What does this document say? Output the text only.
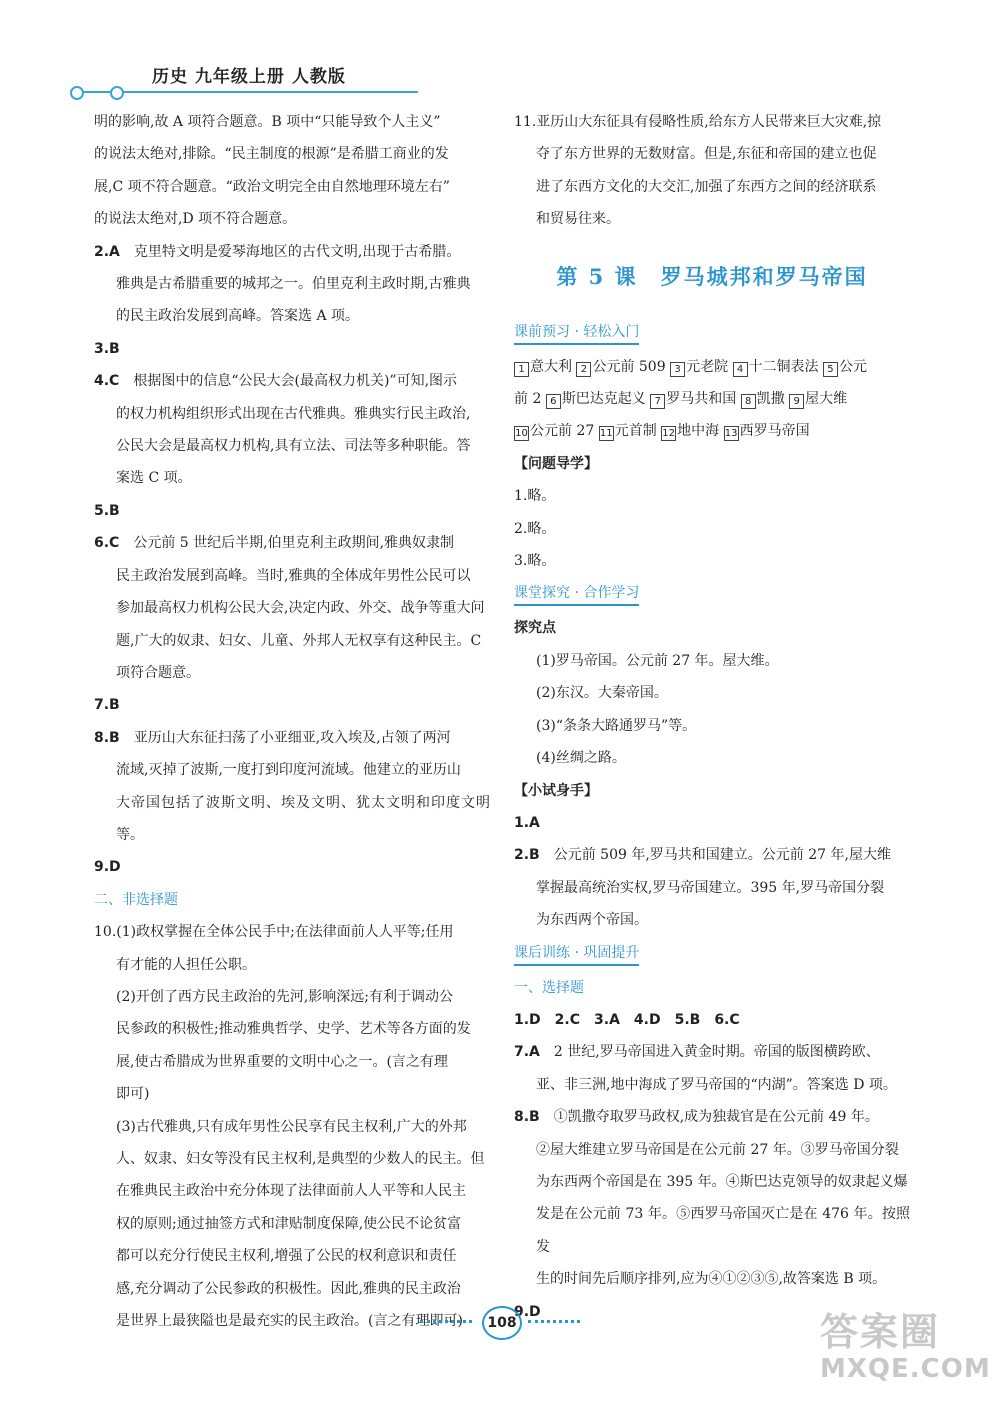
历史 九年级上册 人教版

明的影响,故 A 项符合题意。B 项中“只能导致个人主义”

的说法太绝对,排除。“民主制度的根源”是希腊工商业的发

展,C 项不符合题意。“政治文明完全由自然地理环境左右”

的说法太绝对,D 项不符合题意。

2.A　 克里特文明是爱琴海地区的古代文明,出现于古希腊。

雅典是古希腊重要的城邦之一。伯里克利主政时期,古雅典

的民主政治发展到高峰。答案选 A 项。

3.B

4.C　 根据图中的信息“公民大会(最高权力机关)”可知,图示

的权力机构组织形式出现在古代雅典。雅典实行民主政治,

公民大会是最高权力机构,具有立法、司法等多种职能。答

案选 C 项。

5.B

6.C　 公元前 5 世纪后半期,伯里克利主政期间,雅典奴隶制

民主政治发展到高峰。当时,雅典的全体成年男性公民可以

参加最高权力机构公民大会,决定内政、外交、战争等重大问

题,广大的奴隶、妇女、儿童、外邦人无权享有这种民主。C

项符合题意。

7.B

8.B　 亚历山大东征扫荡了小亚细亚,攻入埃及,占领了两河

流域,灭掉了波斯,一度打到印度河流域。他建立的亚历山

大帝国包括了波斯文明、埃及文明、犹太文明和印度文明等。

9.D

二、非选择题

10.(1)政权掌握在全体公民手中;在法律面前人人平等;任用

有才能的人担任公职。

(2)开创了西方民主政治的先河,影响深远;有利于调动公

民参政的积极性;推动雅典哲学、史学、艺术等各方面的发

展,使古希腊成为世界重要的文明中心之一。(言之有理

即可)

(3)古代雅典,只有成年男性公民享有民主权利,广大的外邦

人、奴隶、妇女等没有民主权利,是典型的少数人的民主。但

在雅典民主政治中充分体现了法律面前人人平等和人民主

权的原则;通过抽签方式和津贴制度保障,使公民不论贫富

都可以充分行使民主权利,增强了公民的权利意识和责任

感,充分调动了公民参政的积极性。因此,雅典的民主政治

是世界上最狭隘也是最充实的民主政治。(言之有理即可)

11.亚历山大东征具有侵略性质,给东方人民带来巨大灾难,掠

夺了东方世界的无数财富。但是,东征和帝国的建立也促

进了东西方文化的大交汇,加强了东西方之间的经济联系

和贸易往来。

第 5 课　罗马城邦和罗马帝国
课前预习 · 轻松入门

1 意大利 2 公元前 509 3 元老院 4 十二铜表法 5 公元

前 2 6 斯巴达克起义 7 罗马共和国 8 凯撒 9 屋大维

10 公元前 27 11 元首制 12 地中海 13 西罗马帝国

【问题导学】

1.略。

2.略。

3.略。

课堂探究 · 合作学习

探究点

(1)罗马帝国。公元前 27 年。屋大维。

(2)东汉。大秦帝国。

(3)“条条大路通罗马”等。

(4)丝绸之路。

【小试身手】

1.A

2.B　 公元前 509 年,罗马共和国建立。公元前 27 年,屋大维

掌握最高统治实权,罗马帝国建立。395 年,罗马帝国分裂

为东西两个帝国。

课后训练 · 巩固提升

一、选择题

1.D　2.C　3.A　4.D　5.B　6.C

7.A　 2 世纪,罗马帝国进入黄金时期。帝国的版图横跨欧、

亚、非三洲,地中海成了罗马帝国的“内湖”。答案选 D 项。

8.B　 ①凯撒夺取罗马政权,成为独裁官是在公元前 49 年。

②屋大维建立罗马帝国是在公元前 27 年。③罗马帝国分裂

为东西两个帝国是在 395 年。④斯巴达克领导的奴隶起义爆

发是在公元前 73 年。⑤西罗马帝国灭亡是在 476 年。按照发

生的时间先后顺序排列,应为④①②③⑤,故答案选 B 项。

9.D

108	答案圈
MXQE.COM
